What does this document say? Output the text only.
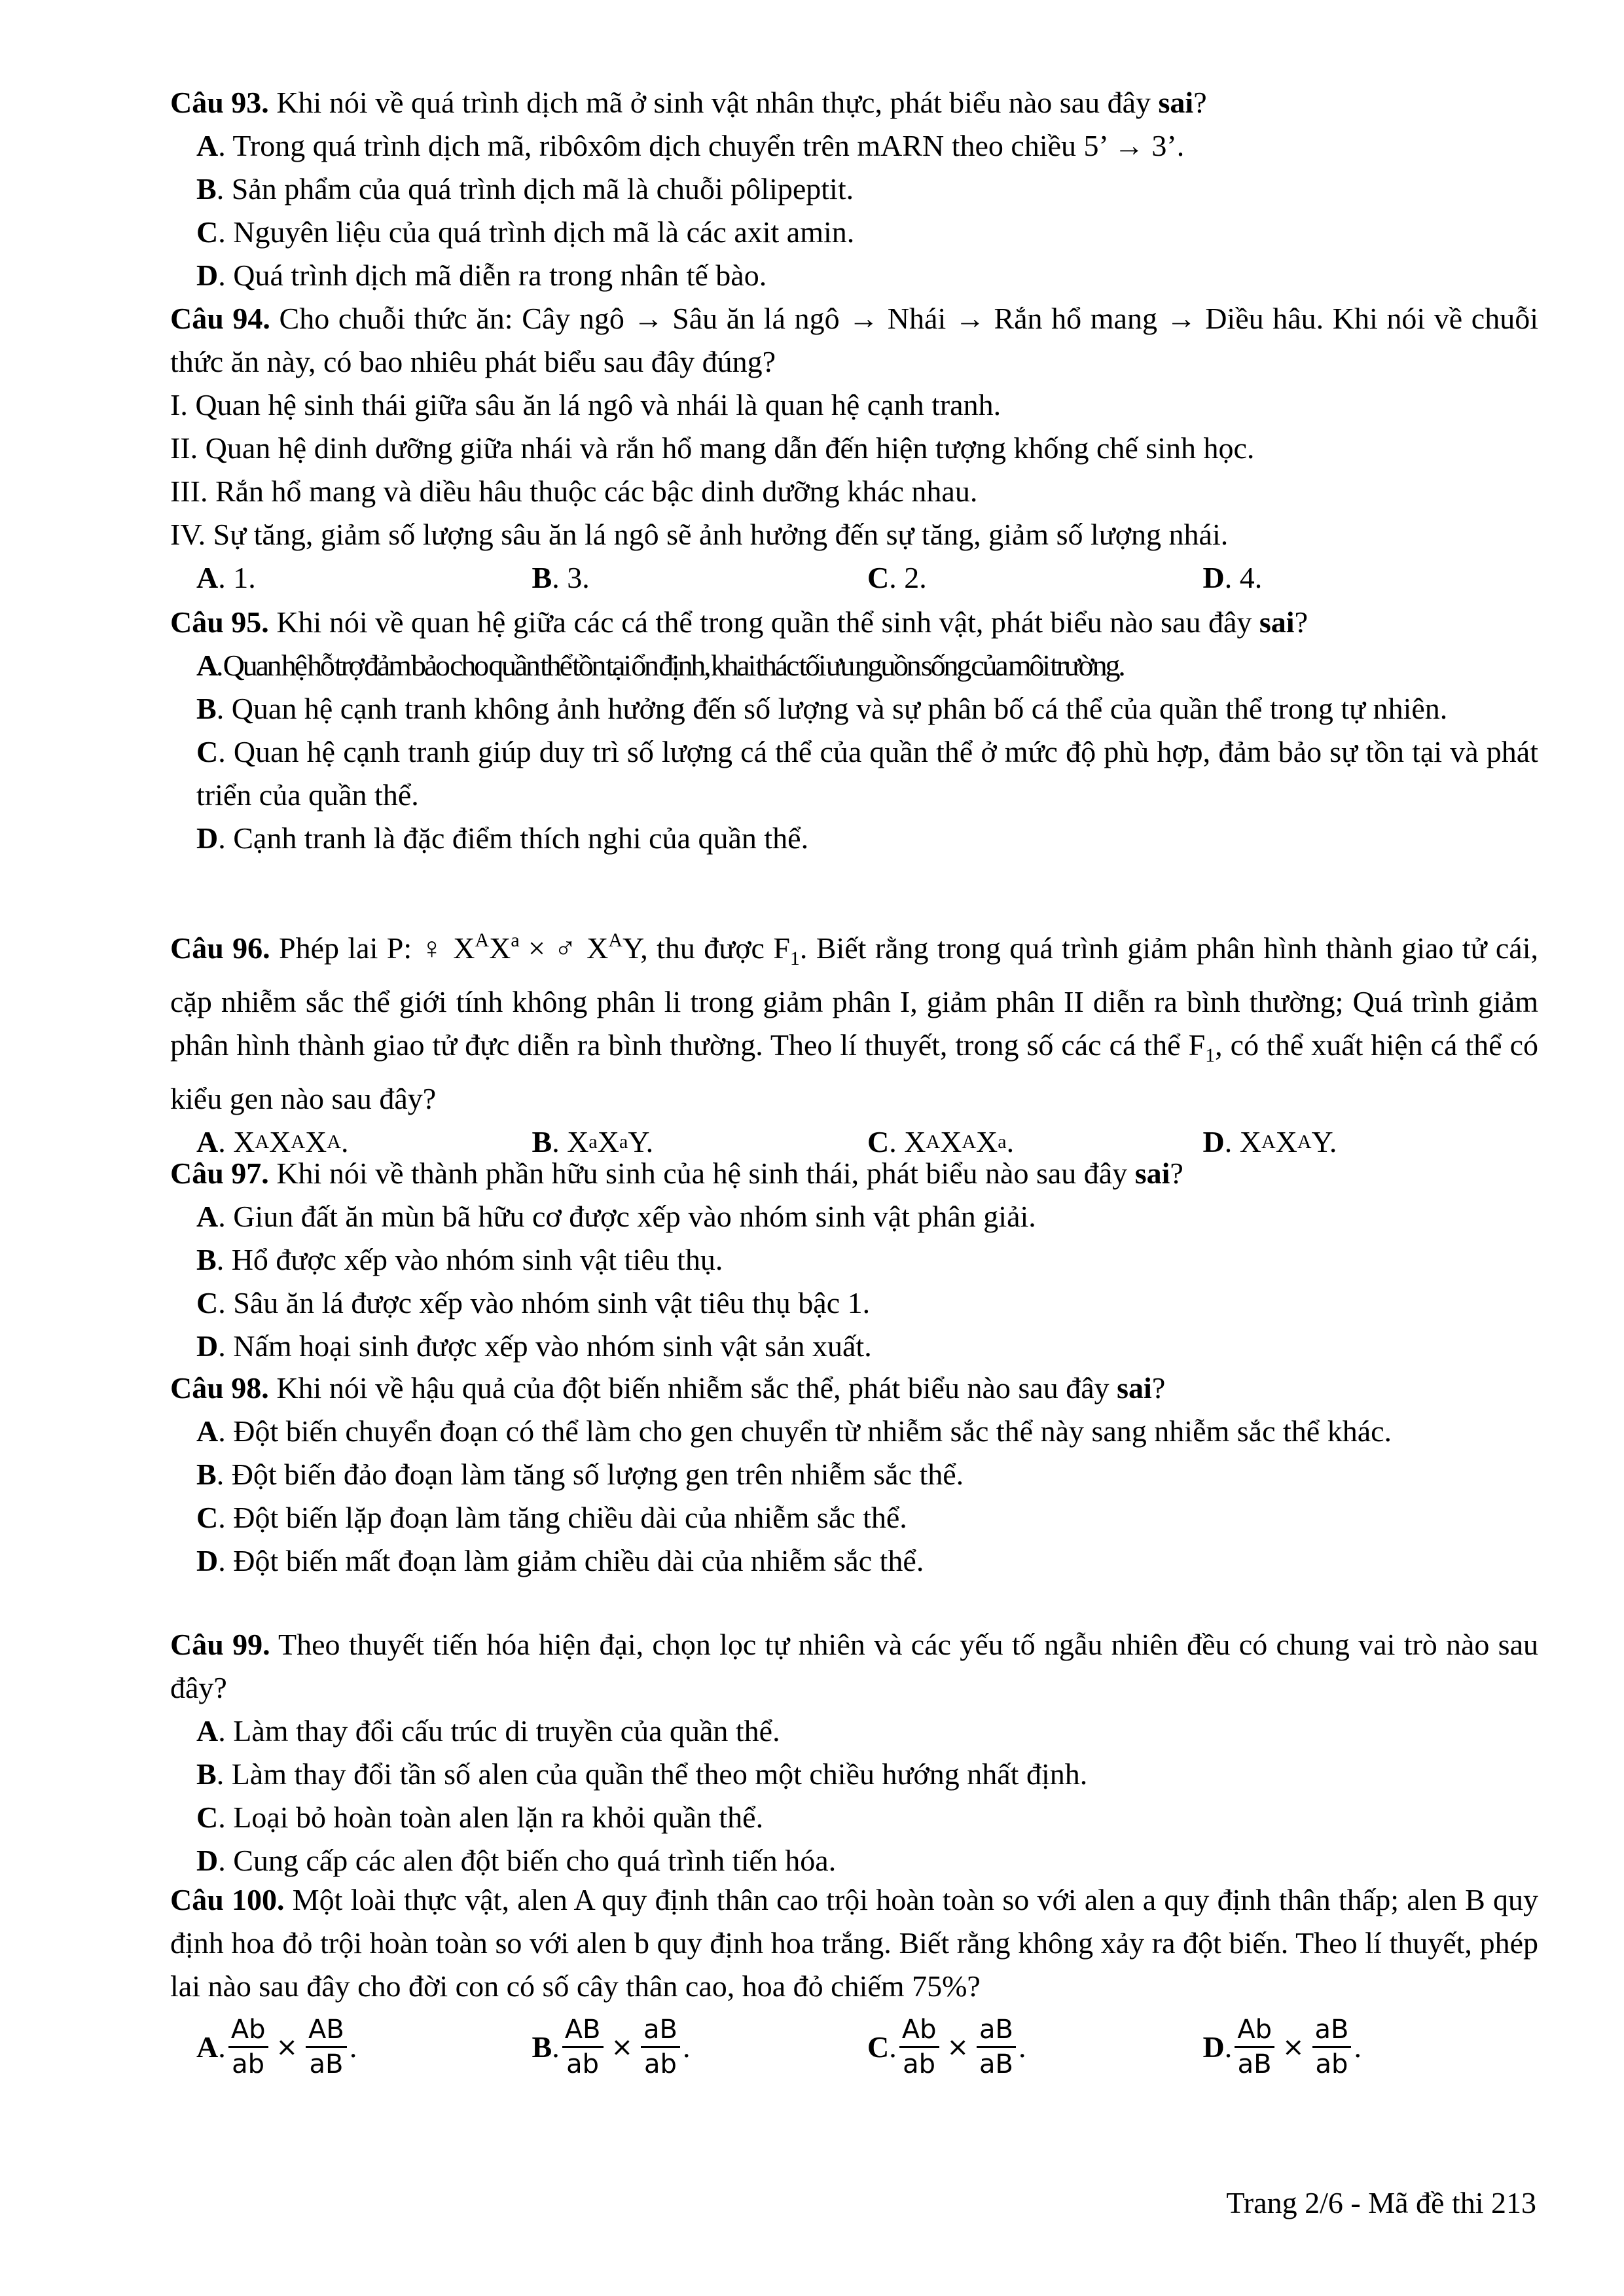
Câu 93. Khi nói về quá trình dịch mã ở sinh vật nhân thực, phát biểu nào sau đây sai?

A. Trong quá trình dịch mã, ribôxôm dịch chuyển trên mARN theo chiều 5’ → 3’.

B. Sản phẩm của quá trình dịch mã là chuỗi pôlipeptit.

C. Nguyên liệu của quá trình dịch mã là các axit amin.

D. Quá trình dịch mã diễn ra trong nhân tế bào.

Câu 94. Cho chuỗi thức ăn: Cây ngô → Sâu ăn lá ngô → Nhái → Rắn hổ mang → Diều hâu. Khi nói về chuỗi thức ăn này, có bao nhiêu phát biểu sau đây đúng?

I. Quan hệ sinh thái giữa sâu ăn lá ngô và nhái là quan hệ cạnh tranh.

II. Quan hệ dinh dưỡng giữa nhái và rắn hổ mang dẫn đến hiện tượng khống chế sinh học.

III. Rắn hổ mang và diều hâu thuộc các bậc dinh dưỡng khác nhau.

IV. Sự tăng, giảm số lượng sâu ăn lá ngô sẽ ảnh hưởng đến sự tăng, giảm số lượng nhái.

A . 1.	B . 3.	C . 2.	D . 4.

Câu 95. Khi nói về quan hệ giữa các cá thể trong quần thể sinh vật, phát biểu nào sau đây sai?

A. Quan hệ hỗ trợ đảm bảo cho quần thể tồn tại ổn định, khai thác tối ưu nguồn sống của môi trường.

B. Quan hệ cạnh tranh không ảnh hưởng đến số lượng và sự phân bố cá thể của quần thể trong tự nhiên.

C. Quan hệ cạnh tranh giúp duy trì số lượng cá thể của quần thể ở mức độ phù hợp, đảm bảo sự tồn tại và phát triển của quần thể.

D. Cạnh tranh là đặc điểm thích nghi của quần thể.

Câu 96. Phép lai P: ♀ $X^AX^a$ × ♂ $X^AY$, thu được $F_1$. Biết rằng trong quá trình giảm phân hình thành giao tử cái, cặp nhiễm sắc thể giới tính không phân li trong giảm phân I, giảm phân II diễn ra bình thường; Quá trình giảm phân hình thành giao tử đực diễn ra bình thường. Theo lí thuyết, trong số các cá thể $F_1$, có thể xuất hiện cá thể có kiểu gen nào sau đây?

A . X A X A X A .	B . X a X a Y.	C . X A X A X a .	D . X A X A Y.

Câu 97. Khi nói về thành phần hữu sinh của hệ sinh thái, phát biểu nào sau đây sai?

A. Giun đất ăn mùn bã hữu cơ được xếp vào nhóm sinh vật phân giải.

B. Hổ được xếp vào nhóm sinh vật tiêu thụ.

C. Sâu ăn lá được xếp vào nhóm sinh vật tiêu thụ bậc 1.

D. Nấm hoại sinh được xếp vào nhóm sinh vật sản xuất.

Câu 98. Khi nói về hậu quả của đột biến nhiễm sắc thể, phát biểu nào sau đây sai?

A. Đột biến chuyển đoạn có thể làm cho gen chuyển từ nhiễm sắc thể này sang nhiễm sắc thể khác.

B. Đột biến đảo đoạn làm tăng số lượng gen trên nhiễm sắc thể.

C. Đột biến lặp đoạn làm tăng chiều dài của nhiễm sắc thể.

D. Đột biến mất đoạn làm giảm chiều dài của nhiễm sắc thể.

Câu 99. Theo thuyết tiến hóa hiện đại, chọn lọc tự nhiên và các yếu tố ngẫu nhiên đều có chung vai trò nào sau đây?

A. Làm thay đổi cấu trúc di truyền của quần thể.

B. Làm thay đổi tần số alen của quần thể theo một chiều hướng nhất định.

C. Loại bỏ hoàn toàn alen lặn ra khỏi quần thể.

D. Cung cấp các alen đột biến cho quá trình tiến hóa.

Câu 100. Một loài thực vật, alen A quy định thân cao trội hoàn toàn so với alen a quy định thân thấp; alen B quy định hoa đỏ trội hoàn toàn so với alen b quy định hoa trắng. Biết rằng không xảy ra đột biến. Theo lí thuyết, phép lai nào sau đây cho đời con có số cây thân cao, hoa đỏ chiếm 75%?

A . $\frac{Ab}{ab} \times \frac{AB}{aB}$ .	B . $\frac{AB}{ab} \times \frac{aB}{ab}$ .	C . $\frac{Ab}{ab} \times \frac{aB}{aB}$ .	D . $\frac{Ab}{aB} \times \frac{aB}{ab}$ .
Trang 2/6 - Mã đề thi 213
